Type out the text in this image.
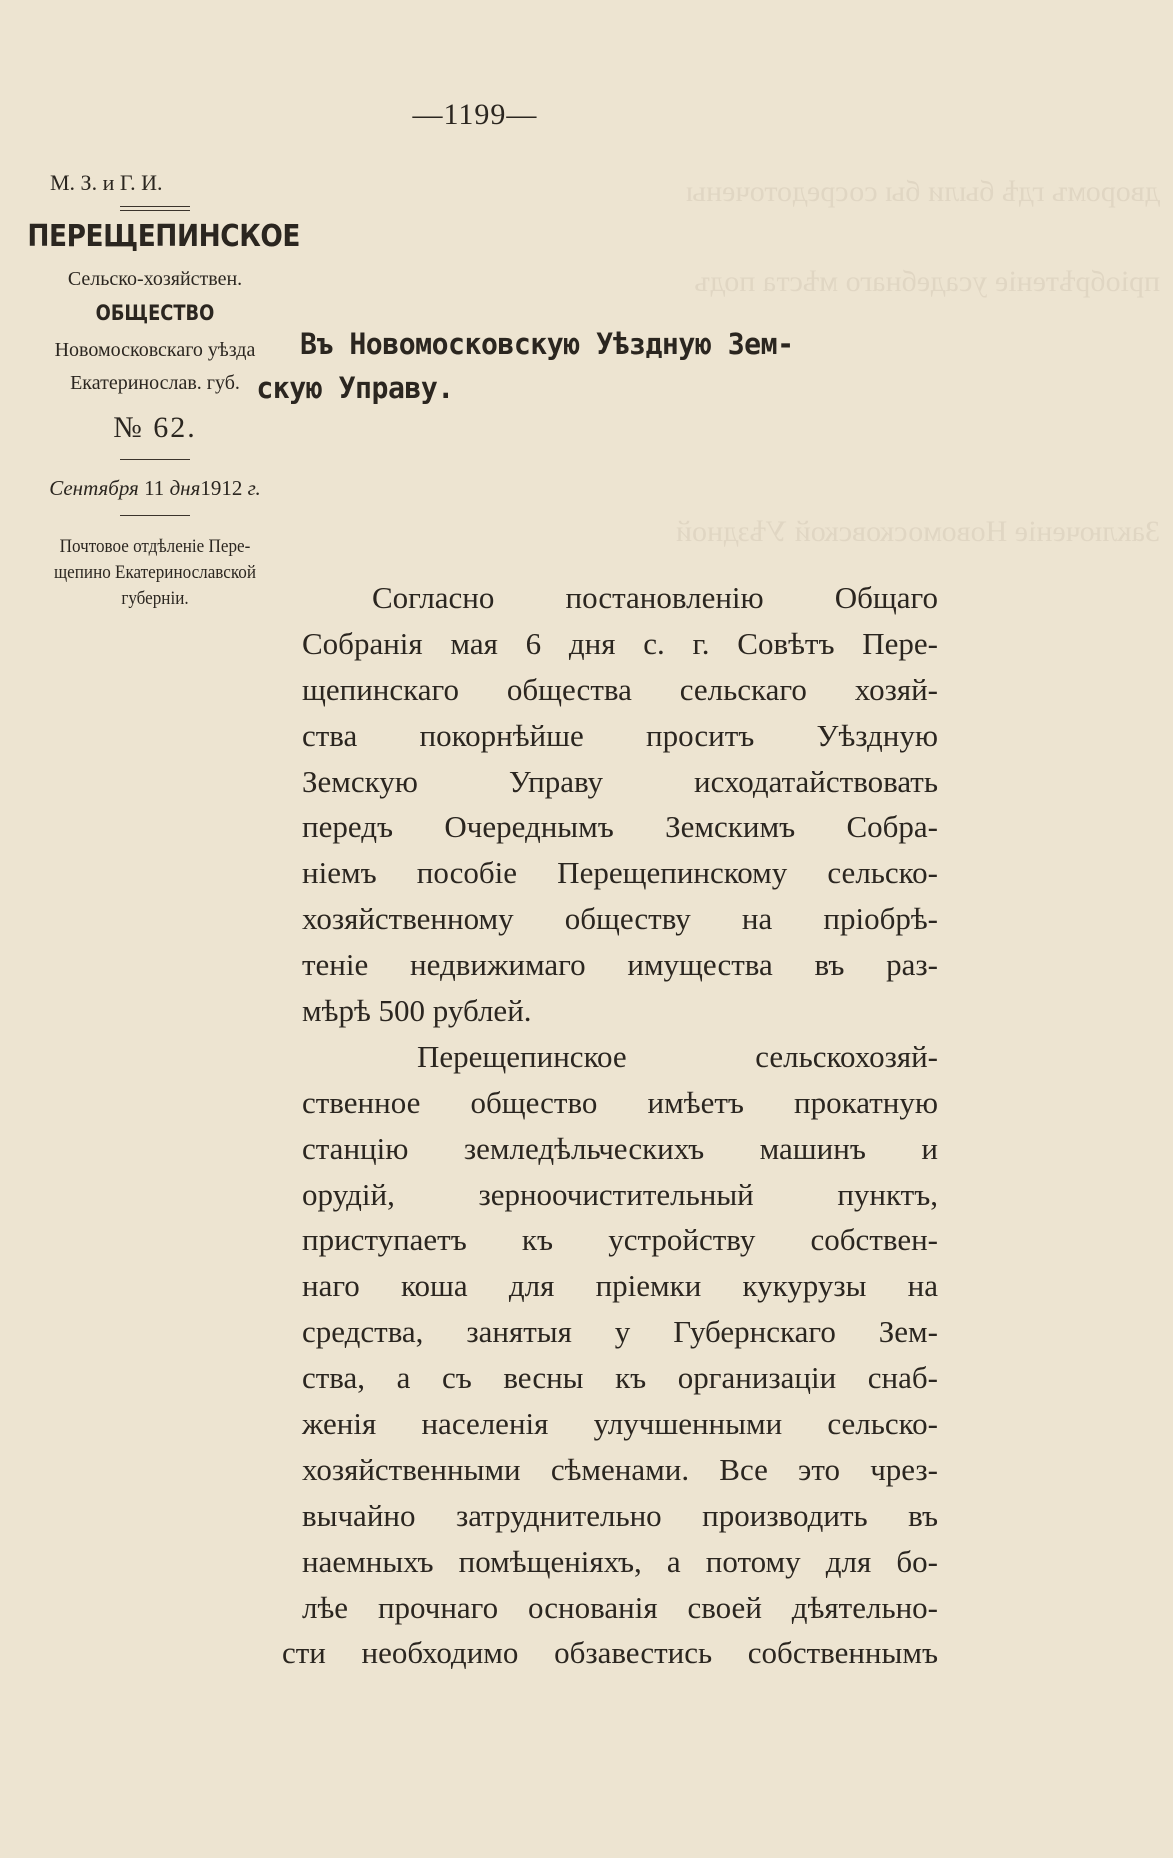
дворомъ гдѣ были бы сосредоточены
пріобрѣтеніе усадебнаго мѣста подъ
Заключеніе Новомосковской Уѣздной
—1199—
М. З. и Г. И.
ПЕРЕЩЕПИНСКОЕ
Сельско-хозяйствен.
ОБЩЕСТВО
Новомосковскаго уѣзда
Екатеринослав. губ.
№ 62.
Сентября 11 дня1912 г.
Почтовое отдѣленіе Пере-
щепино Екатеринославской
губерніи.
Въ Новомосковскую Уѣздную Зем-
скую Управу.
Согласно постановленію Общаго
Собранія мая 6 дня с. г. Совѣтъ Пере-
щепинскаго общества сельскаго хозяй-
ства покорнѣйше проситъ Уѣздную
Земскую Управу исходатайствовать
передъ Очереднымъ Земскимъ Собра-
ніемъ пособіе Перещепинскому сельско-
хозяйственному обществу на пріобрѣ-
теніе недвижимаго имущества въ раз-
мѣрѣ 500 рублей.
Перещепинское сельскохозяй-
ственное общество имѣетъ прокатную
станцію земледѣльческихъ машинъ и
орудій, зерноочистительный пунктъ,
приступаетъ къ устройству собствен-
наго коша для пріемки кукурузы на
средства, занятыя у Губернскаго Зем-
ства, а съ весны къ организаціи снаб-
женія населенія улучшенными сельско-
хозяйственными сѣменами. Все это чрез-
вычайно затруднительно производить въ
наемныхъ помѣщеніяхъ, а потому для бо-
лѣе прочнаго основанія своей дѣятельно-
сти необходимо обзавестись собственнымъ
